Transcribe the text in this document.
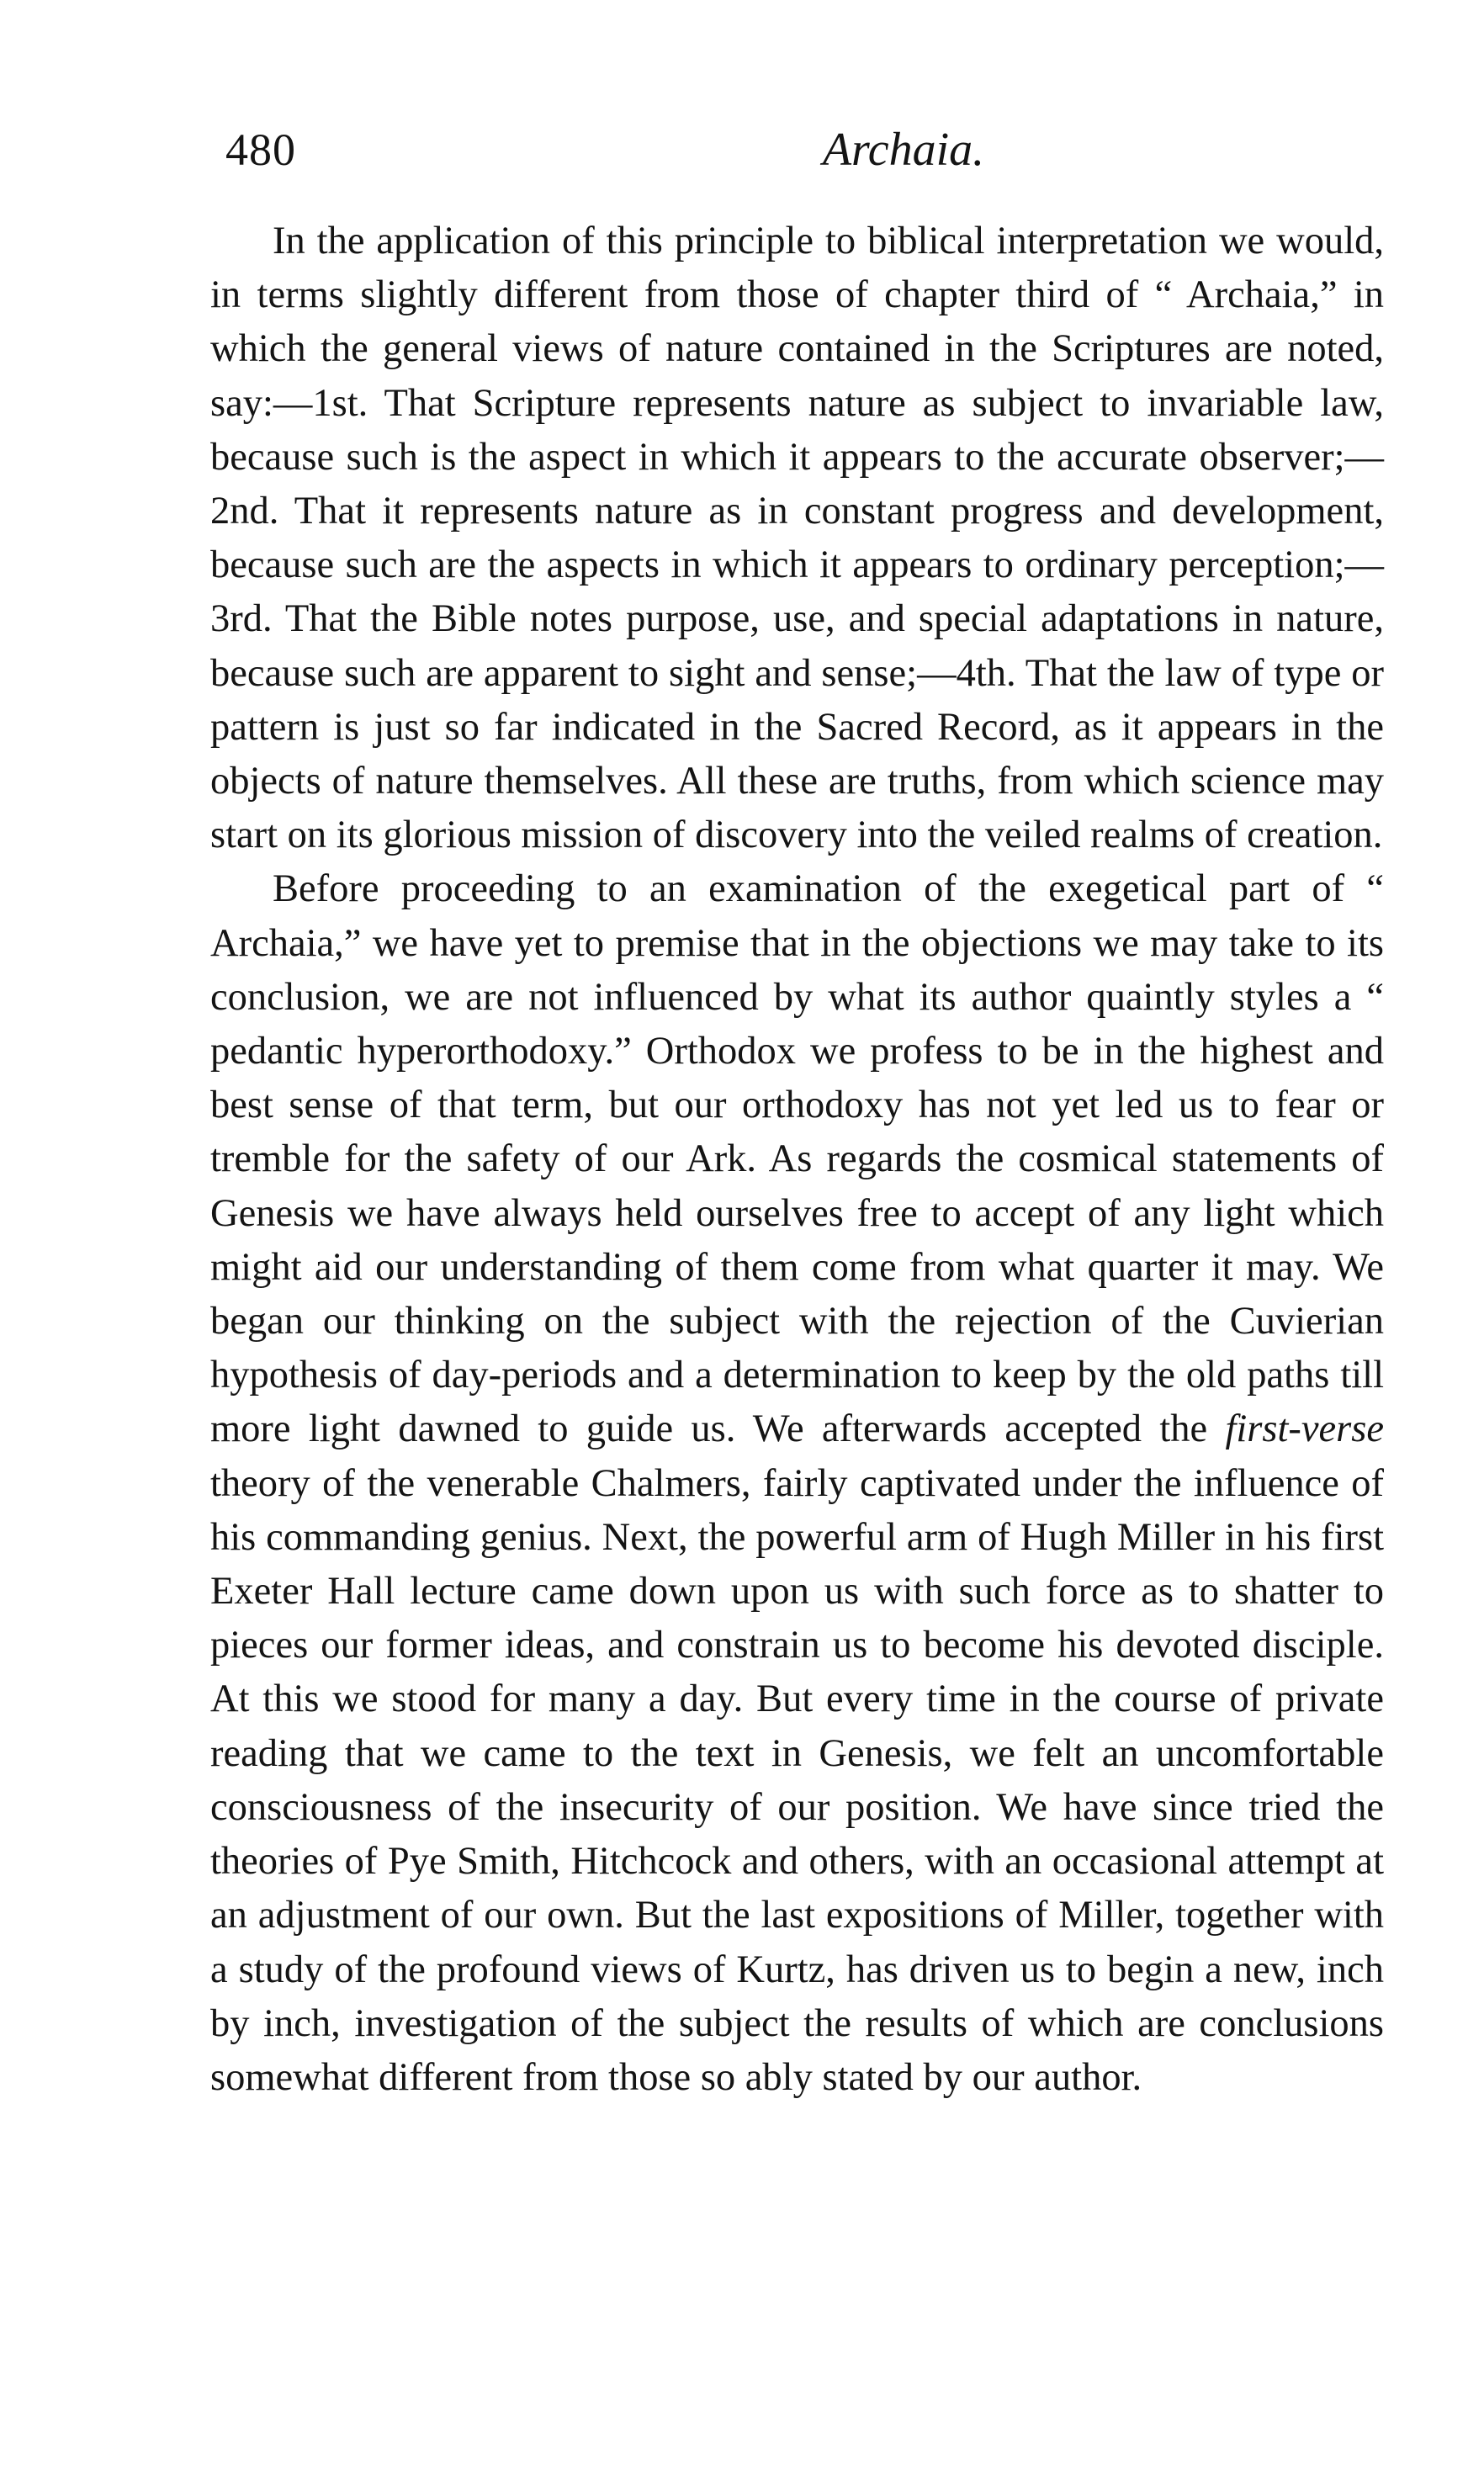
480	Archaia.

In the application of this principle to biblical interpretation we would, in terms slightly different from those of chapter third of “ Archaia,” in which the general views of nature contained in the Scriptures are noted, say:—1st. That Scripture represents nature as subject to invariable law, because such is the aspect in which it appears to the accurate observer;—2nd. That it represents nature as in constant progress and development, because such are the aspects in which it appears to ordinary perception;— 3rd. That the Bible notes purpose, use, and special adaptations in nature, because such are apparent to sight and sense;—4th. That the law of type or pattern is just so far indicated in the Sacred Record, as it appears in the objects of nature themselves. All these are truths, from which science may start on its glorious mission of discovery into the veiled realms of creation.

Before proceeding to an examination of the exegetical part of “ Archaia,” we have yet to premise that in the objections we may take to its conclusion, we are not influenced by what its author quaintly styles a “ pedantic hyperorthodoxy.” Orthodox we profess to be in the highest and best sense of that term, but our orthodoxy has not yet led us to fear or tremble for the safety of our Ark. As regards the cosmical statements of Genesis we have always held ourselves free to accept of any light which might aid our understanding of them come from what quarter it may. We began our thinking on the subject with the rejection of the Cuvierian hypothesis of day-periods and a determination to keep by the old paths till more light dawned to guide us. We afterwards accepted the first-verse theory of the venerable Chalmers, fairly captivated under the influence of his commanding genius. Next, the powerful arm of Hugh Miller in his first Exeter Hall lecture came down upon us with such force as to shatter to pieces our former ideas, and constrain us to become his devoted disciple. At this we stood for many a day. But every time in the course of private reading that we came to the text in Genesis, we felt an uncomfortable consciousness of the insecurity of our position. We have since tried the theories of Pye Smith, Hitchcock and others, with an occasional attempt at an adjustment of our own. But the last expositions of Miller, together with a study of the profound views of Kurtz, has driven us to begin a new, inch by inch, investigation of the subject the results of which are conclusions somewhat different from those so ably stated by our author.
